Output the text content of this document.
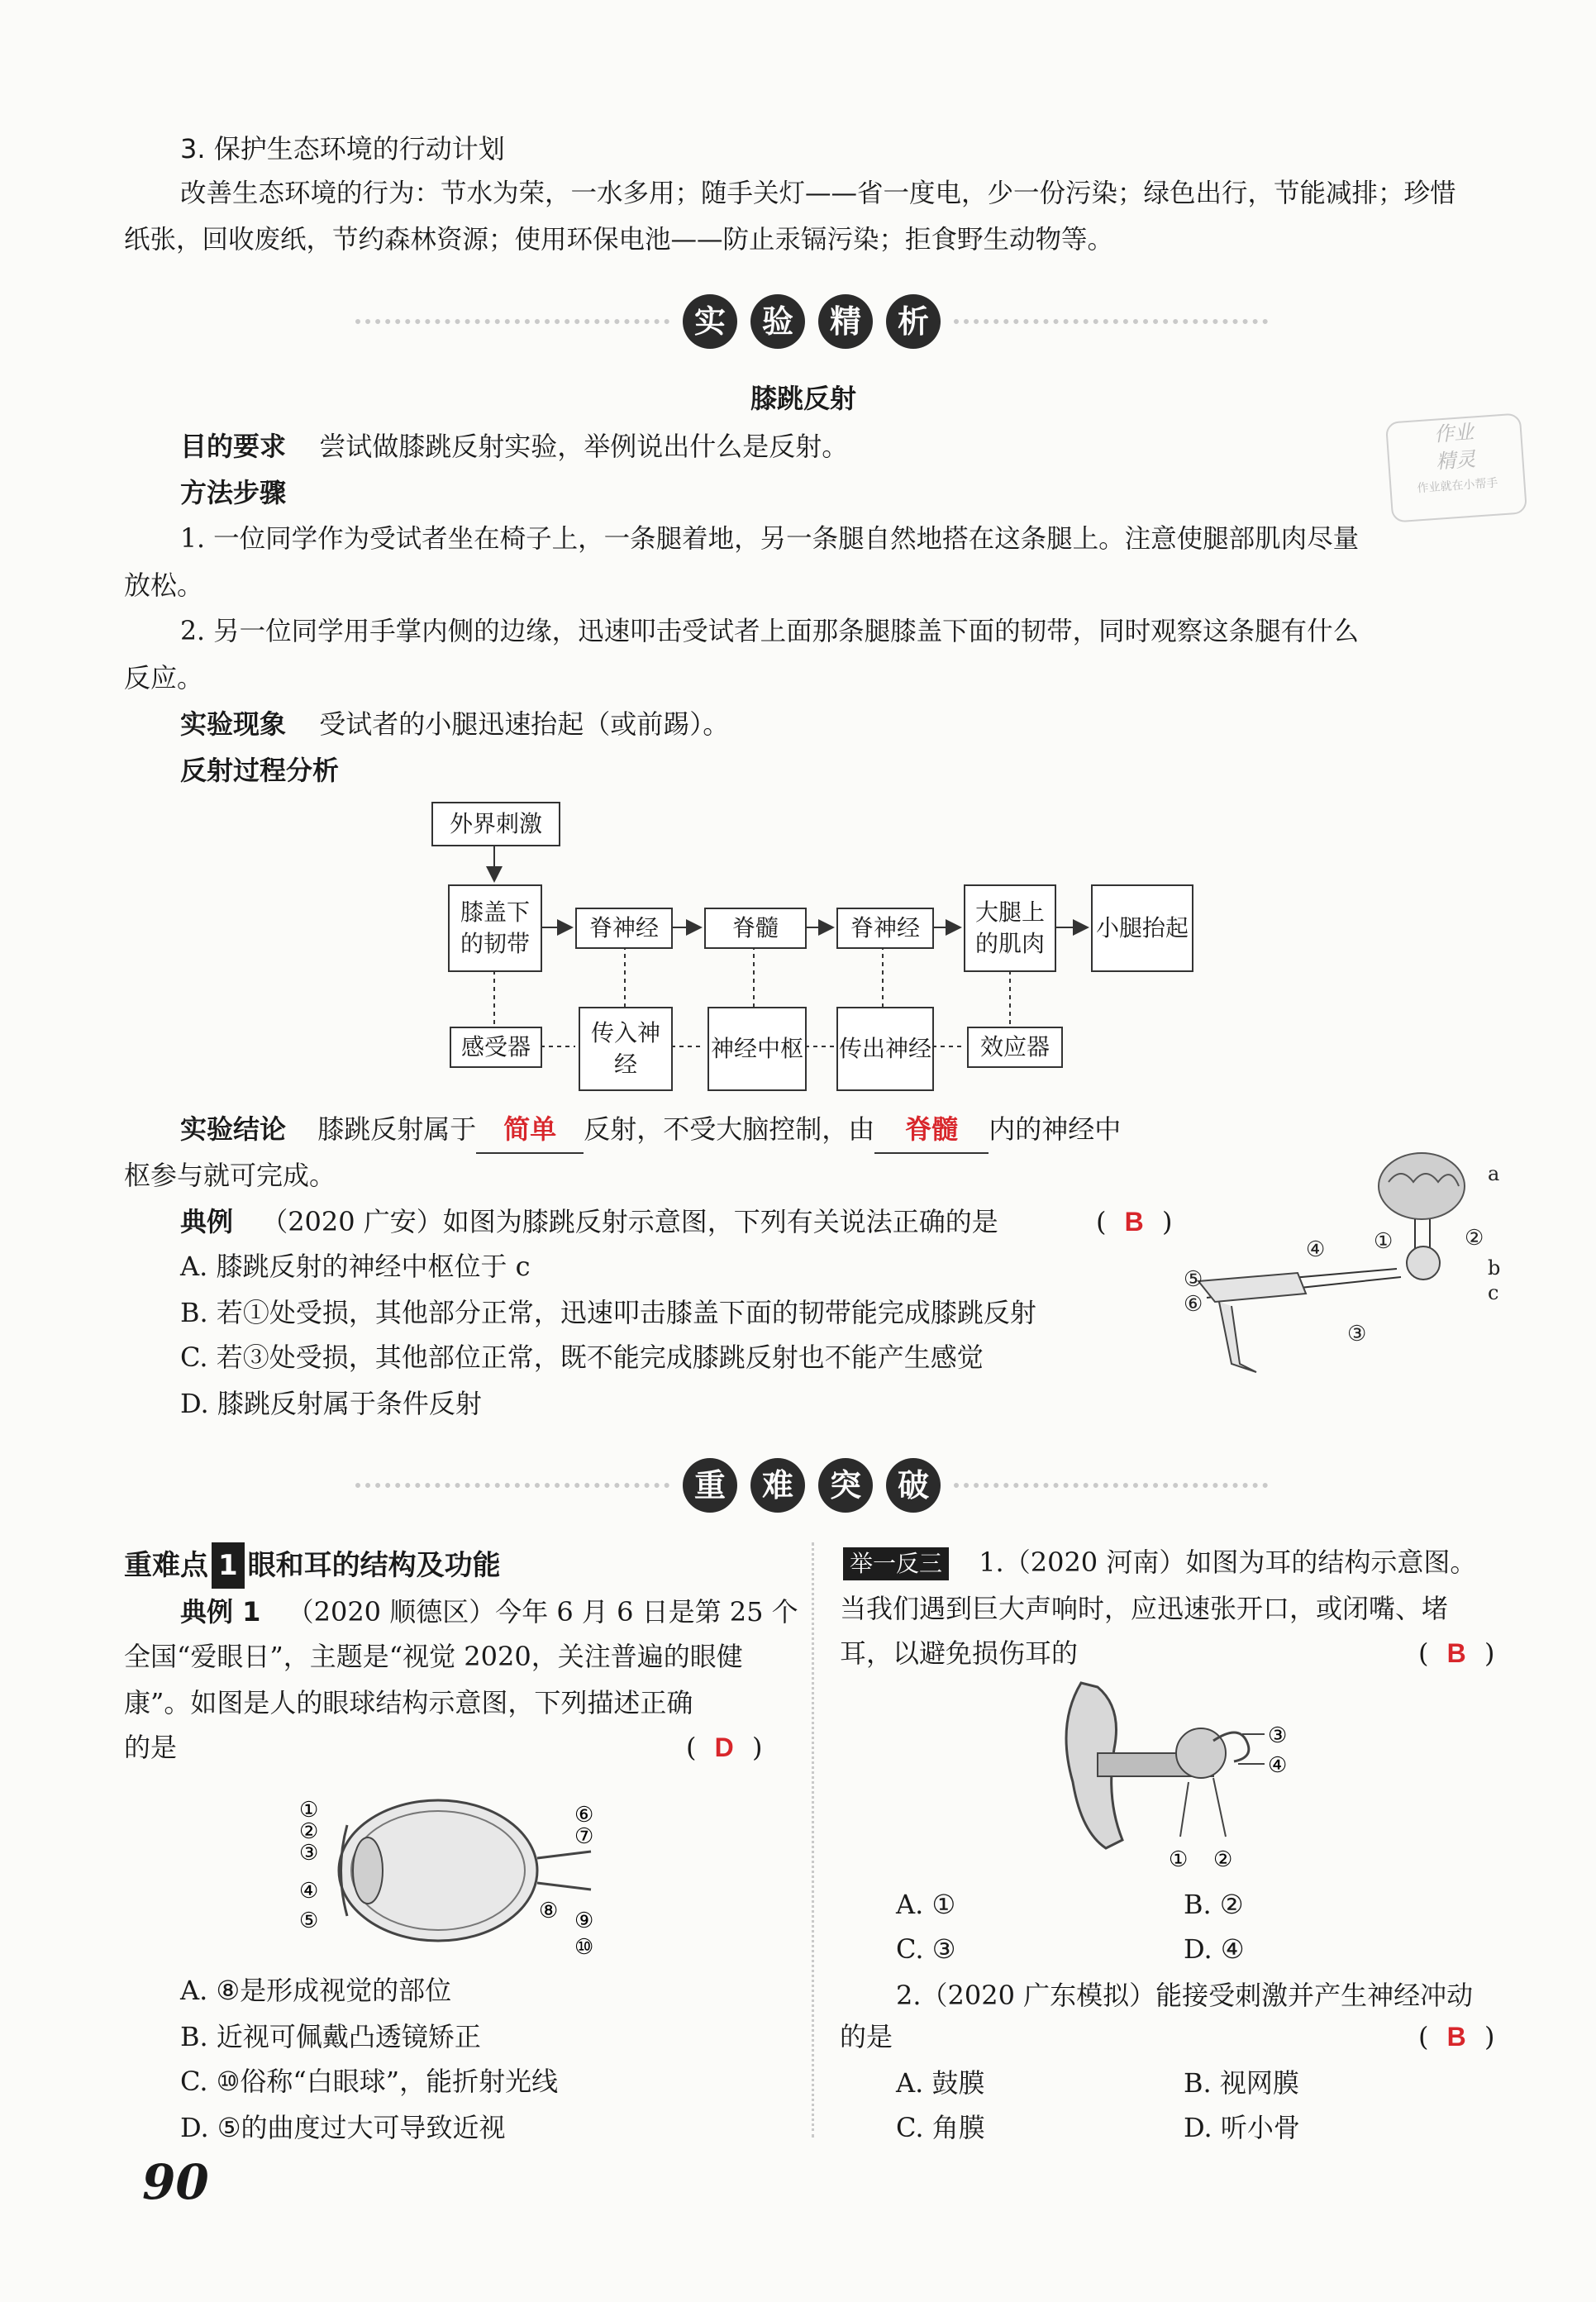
3. 保护生态环境的行动计划
改善生态环境的行为：节水为荣，一水多用；随手关灯——省一度电，少一份污染；绿色出行，节能减排；珍惜
纸张，回收废纸，节约森林资源；使用环保电池——防止汞镉污染；拒食野生动物等。
实	验	精	析
膝跳反射
目的要求 尝试做膝跳反射实验，举例说出什么是反射。	作业
精灵
作业就在小帮手
方法步骤
1. 一位同学作为受试者坐在椅子上，一条腿着地，另一条腿自然地搭在这条腿上。注意使腿部肌肉尽量
放松。
2. 另一位同学用手掌内侧的边缘，迅速叩击受试者上面那条腿膝盖下面的韧带，同时观察这条腿有什么
反应。
实验现象 受试者的小腿迅速抬起（或前踢）。
反射过程分析
外界刺激
膝盖下的韧带
脊神经	脊髓	脊神经
大腿上的肌肉
小腿抬起
感受器
传入神经
神经中枢 传出神经	效应器
实验结论 膝跳反射属于 简单 反射，不受大脑控制，由 脊髓 内的神经中
枢参与就可完成。
典例 （2020 广安）如图为膝跳反射示意图，下列有关说法正确的是	( B )
A. 膝跳反射的神经中枢位于 c
B. 若①处受损，其他部分正常，迅速叩击膝盖下面的韧带能完成膝跳反射
C. 若③处受损，其他部位正常，既不能完成膝跳反射也不能产生感觉
D. 膝跳反射属于条件反射
a
①	②
b
c
③
④
⑤
⑥
重	难	突	破
重难点 1 眼和耳的结构及功能
典例 1 （2020 顺德区）今年 6 月 6 日是第 25 个
全国“爱眼日”，主题是“视觉 2020，关注普遍的眼健
康”。如图是人的眼球结构示意图，下列描述正确
的是	( D )
①
②
③
④
⑤
⑥
⑦
⑧ ⑨
⑩
A. ⑧是形成视觉的部位
B. 近视可佩戴凸透镜矫正
C. ⑩俗称“白眼球”，能折射光线
D. ⑤的曲度过大可导致近视
举一反三 1.（2020 河南）如图为耳的结构示意图。
当我们遇到巨大声响时，应迅速张开口，或闭嘴、堵
耳，以避免损伤耳的	( B )
③
④
① ②
A. ①	B. ②
C. ③	D. ④
2.（2020 广东模拟）能接受刺激并产生神经冲动
的是	( B )
A. 鼓膜	B. 视网膜
C. 角膜	D. 听小骨
90
